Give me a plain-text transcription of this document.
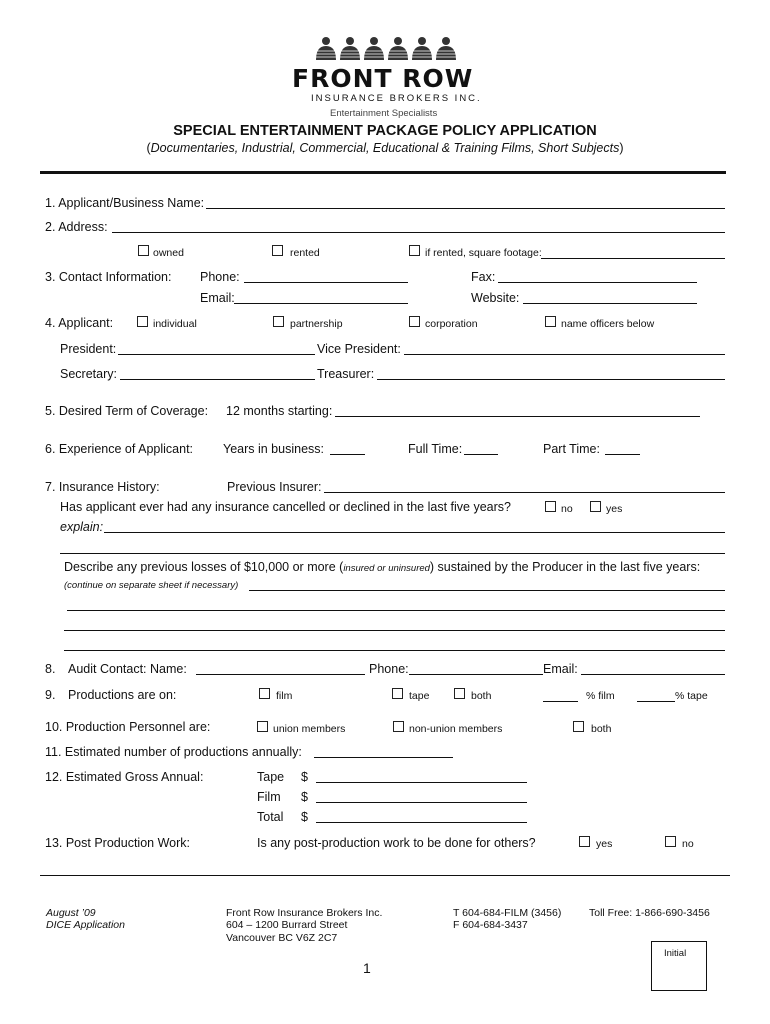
FRONT ROW
INSURANCE BROKERS INC.
Entertainment Specialists
SPECIAL ENTERTAINMENT PACKAGE POLICY APPLICATION
(Documentaries, Industrial, Commercial, Educational & Training Films, Short Subjects)
1. Applicant/Business Name:
2. Address:
owned	rented	if rented, square footage:
3. Contact Information: Phone:	Fax:
Email:	Website:
4. Applicant:	individual	partnership	corporation	name officers below
President:	Vice President:
Secretary:	Treasurer:
5. Desired Term of Coverage: 12 months starting:
6. Experience of Applicant: Years in business:	Full Time:	Part Time:
7. Insurance History:	Previous Insurer:
Has applicant ever had any insurance cancelled or declined in the last five years?	no	yes
explain:
Describe any previous losses of $10,000 or more (insured or uninsured) sustained by the Producer in the last five years:
(continue on separate sheet if necessary)
8. Audit Contact: Name:	Phone:	Email:
9. Productions are on:	film	tape	both	% film	% tape
10. Production Personnel are:	union members	non-union members	both
11. Estimated number of productions annually:
12. Estimated Gross Annual:	Tape $
Film $
Total $
13. Post Production Work:	Is any post-production work to be done for others?	yes	no
August ’09
DICE Application
Front Row Insurance Brokers Inc.
604 – 1200 Burrard Street
Vancouver BC V6Z 2C7
T 604-684-FILM (3456)
F 604-684-3437
Toll Free: 1-866-690-3456
Initial
1
